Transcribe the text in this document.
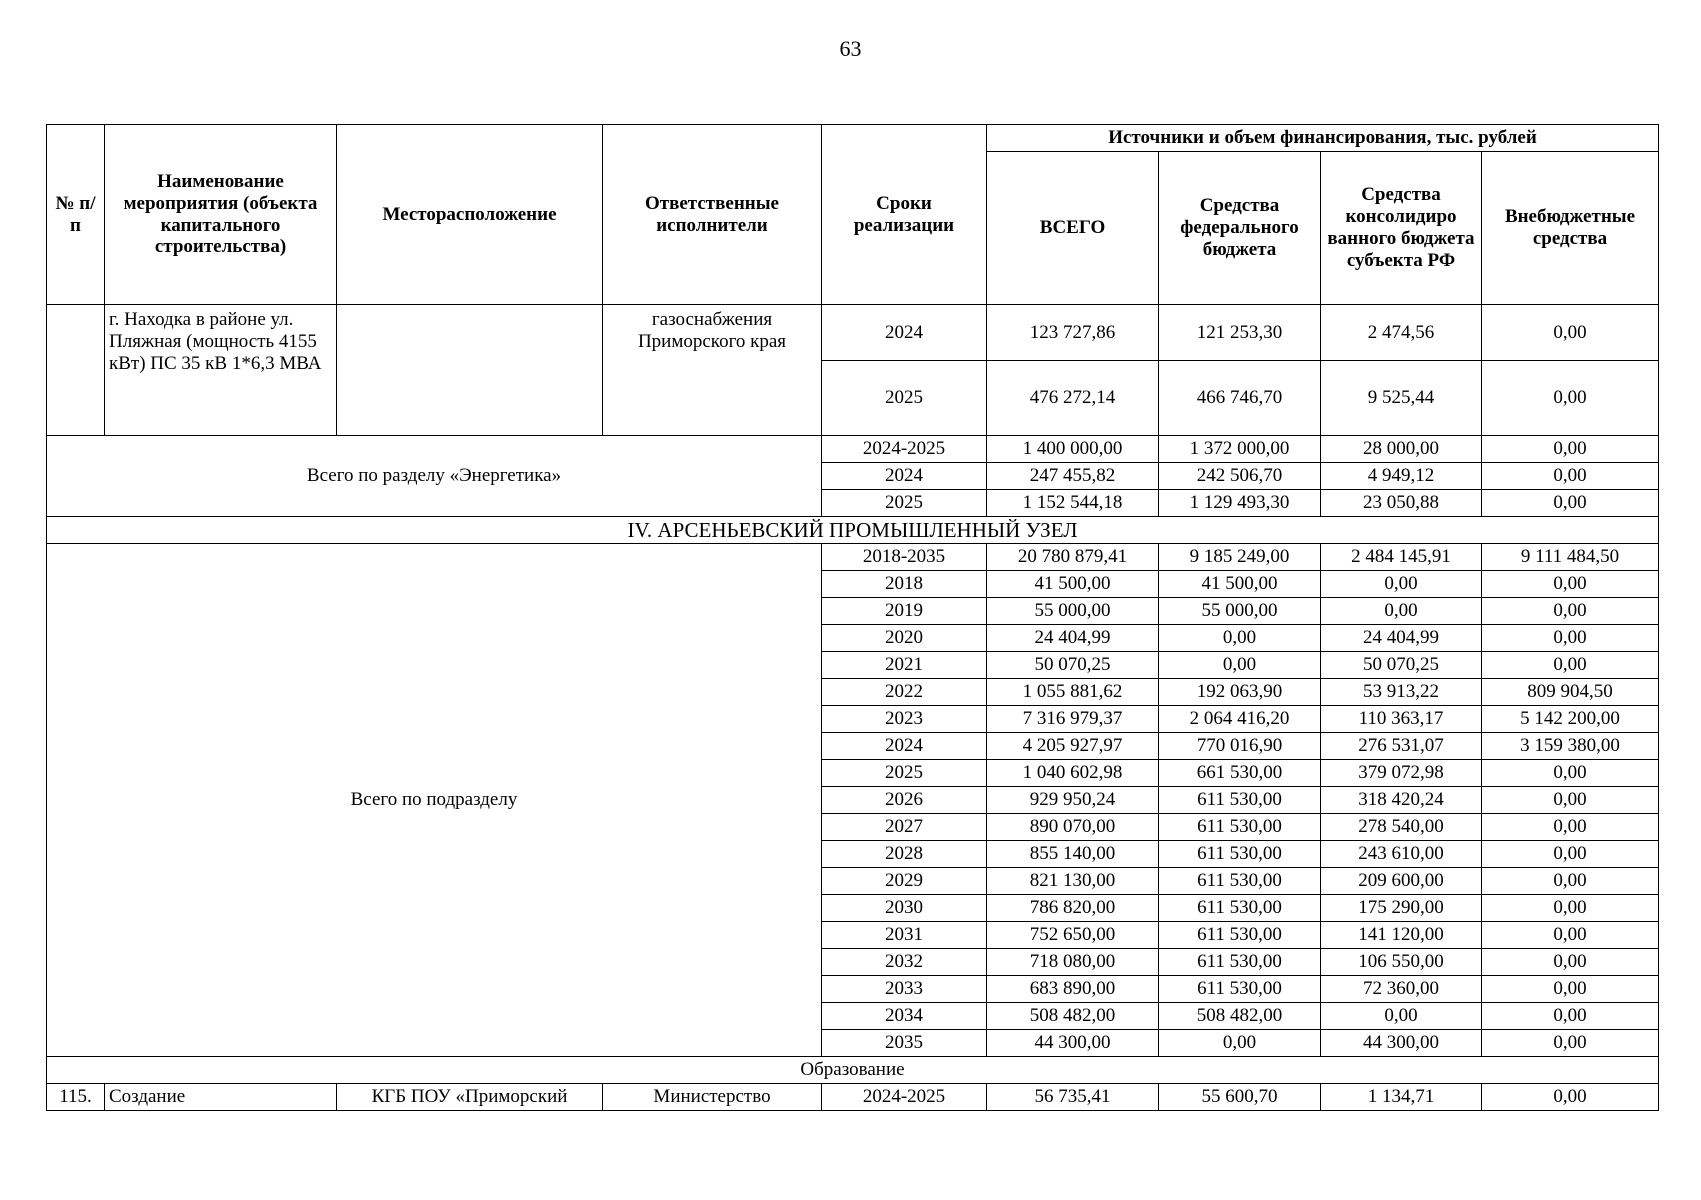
63
№ п/п	Наименование мероприятия (объекта капитального строительства)	Месторасположение	Ответственные исполнители	Сроки реализации	Источники и объем финансирования, тыс. рублей			
					ВСЕГО	Средства федерального бюджета	Средства консолидиро ванного бюджета субъекта РФ	Внебюджетные средства
	г. Находка в районе ул. Пляжная (мощность 4155 кВт) ПС 35 кВ 1*6,3 МВА		газоснабжения Приморского края	2024	123 727,86	121 253,30	2 474,56	0,00
				2025	476 272,14	466 746,70	9 525,44	0,00
Всего по разделу «Энергетика»				2024-2025	1 400 000,00	1 372 000,00	28 000,00	0,00
				2024	247 455,82	242 506,70	4 949,12	0,00
				2025	1 152 544,18	1 129 493,30	23 050,88	0,00
IV. АРСЕНЬЕВСКИЙ ПРОМЫШЛЕННЫЙ УЗЕЛ								
Всего по подразделу				2018-2035	20 780 879,41	9 185 249,00	2 484 145,91	9 111 484,50
				2018	41 500,00	41 500,00	0,00	0,00
				2019	55 000,00	55 000,00	0,00	0,00
				2020	24 404,99	0,00	24 404,99	0,00
				2021	50 070,25	0,00	50 070,25	0,00
				2022	1 055 881,62	192 063,90	53 913,22	809 904,50
				2023	7 316 979,37	2 064 416,20	110 363,17	5 142 200,00
				2024	4 205 927,97	770 016,90	276 531,07	3 159 380,00
				2025	1 040 602,98	661 530,00	379 072,98	0,00
				2026	929 950,24	611 530,00	318 420,24	0,00
				2027	890 070,00	611 530,00	278 540,00	0,00
				2028	855 140,00	611 530,00	243 610,00	0,00
				2029	821 130,00	611 530,00	209 600,00	0,00
				2030	786 820,00	611 530,00	175 290,00	0,00
				2031	752 650,00	611 530,00	141 120,00	0,00
				2032	718 080,00	611 530,00	106 550,00	0,00
				2033	683 890,00	611 530,00	72 360,00	0,00
				2034	508 482,00	508 482,00	0,00	0,00
				2035	44 300,00	0,00	44 300,00	0,00
Образование								
115.	Создание	КГБ ПОУ «Приморский	Министерство	2024-2025	56 735,41	55 600,70	1 134,71	0,00
